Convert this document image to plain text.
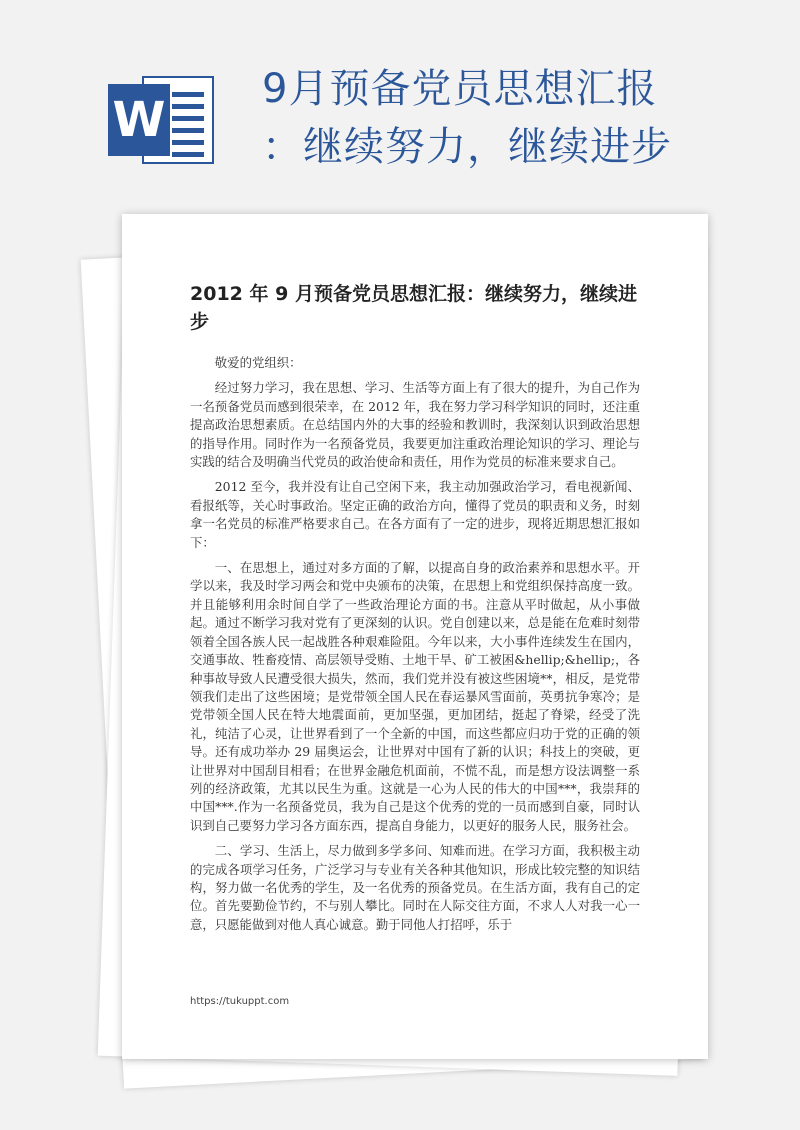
W
9月预备党员思想汇报
：继续努力，继续进步
2012 年 9 月预备党员思想汇报：继续努力，继续进步

敬爱的党组织：

经过努力学习，我在思想、学习、生活等方面上有了很大的提升，为自己作为一名预备党员而感到很荣幸，在 2012 年，我在努力学习科学知识的同时，还注重提高政治思想素质。在总结国内外的大事的经验和教训时，我深刻认识到政治思想的指导作用。同时作为一名预备党员，我要更加注重政治理论知识的学习、理论与实践的结合及明确当代党员的政治使命和责任，用作为党员的标准来要求自己。

2012 至今，我并没有让自己空闲下来，我主动加强政治学习，看电视新闻、看报纸等，关心时事政治。坚定正确的政治方向，懂得了党员的职责和义务，时刻拿一名党员的标准严格要求自己。在各方面有了一定的进步，现将近期思想汇报如下：

一、在思想上，通过对多方面的了解，以提高自身的政治素养和思想水平。开学以来，我及时学习两会和党中央颁布的决策，在思想上和党组织保持高度一致。并且能够利用余时间自学了一些政治理论方面的书。注意从平时做起，从小事做起。通过不断学习我对党有了更深刻的认识。党自创建以来，总是能在危难时刻带领着全国各族人民一起战胜各种艰难险阻。今年以来，大小事件连续发生在国内，交通事故、牲畜疫情、高层领导受贿、土地干旱、矿工被困&hellip;&hellip;，各种事故导致人民遭受很大损失，然而，我们党并没有被这些困境**，相反，是党带领我们走出了这些困境；是党带领全国人民在春运暴风雪面前，英勇抗争寒冷；是党带领全国人民在特大地震面前，更加坚强，更加团结，挺起了脊梁，经受了洗礼，纯洁了心灵，让世界看到了一个全新的中国，而这些都应归功于党的正确的领导。还有成功举办 29 届奥运会，让世界对中国有了新的认识；科技上的突破，更让世界对中国刮目相看；在世界金融危机面前，不慌不乱，而是想方设法调整一系列的经济政策，尤其以民生为重。这就是一心为人民的伟大的中国***，我崇拜的中国***.作为一名预备党员，我为自己是这个优秀的党的一员而感到自豪，同时认识到自己要努力学习各方面东西，提高自身能力，以更好的服务人民，服务社会。

二、学习、生活上，尽力做到多学多问、知难而进。在学习方面，我积极主动的完成各项学习任务，广泛学习与专业有关各种其他知识，形成比较完整的知识结构，努力做一名优秀的学生，及一名优秀的预备党员。在生活方面，我有自己的定位。首先要勤俭节约，不与别人攀比。同时在人际交往方面，不求人人对我一心一意，只愿能做到对他人真心诚意。勤于同他人打招呼，乐于

https://tukuppt.com
